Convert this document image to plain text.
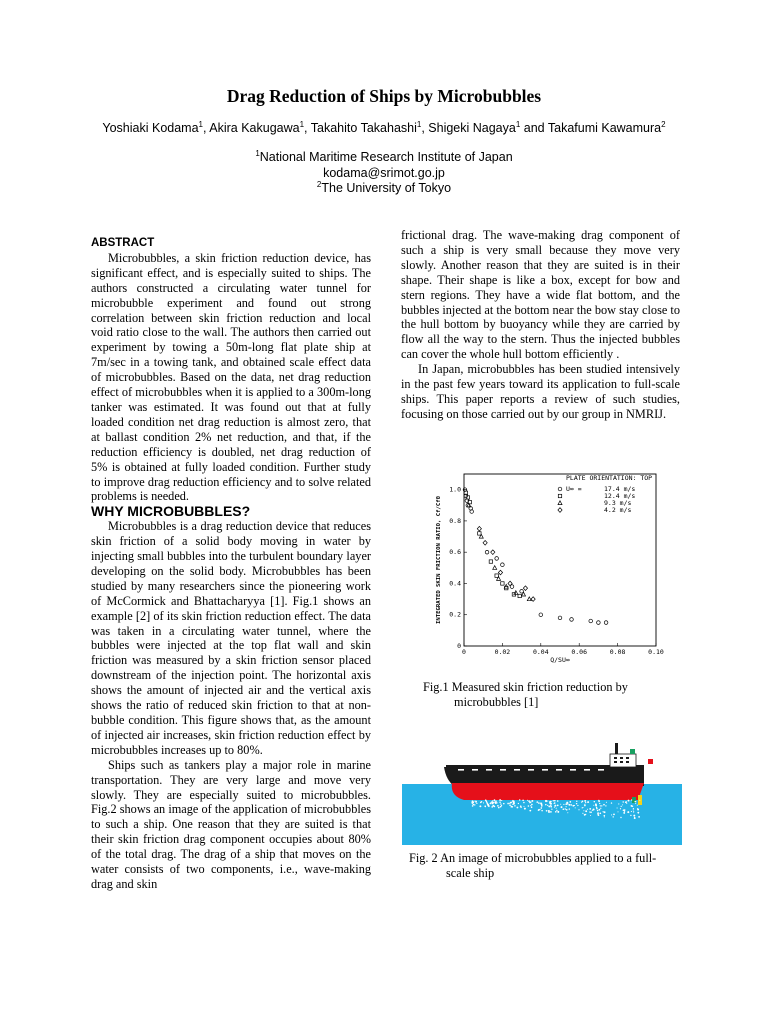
Drag Reduction of Ships by Microbubbles
Yoshiaki Kodama$^1$, Akira Kakugawa$^1$, Takahito Takahashi$^1$, Shigeki Nagaya$^1$ and Takafumi Kawamura$^2$
$^1$National Maritime Research Institute of Japan
kodama@srimot.go.jp
$^2$The University of Tokyo

ABSTRACT

Microbubbles, a skin friction reduction device, has significant effect, and is especially suited to ships. The authors constructed a circulating water tunnel for microbubble experiment and found out strong correlation between skin friction reduction and local void ratio close to the wall. The authors then carried out experiment by towing a 50m-long flat plate ship at 7m/sec in a towing tank, and obtained scale effect data of microbubbles. Based on the data, net drag reduction effect of microbubbles when it is applied to a 300m-long tanker was estimated. It was found out that at fully loaded condition net drag reduction is almost zero, that at ballast condition 2% net reduction, and that, if the reduction efficiency is doubled, net drag reduction of 5% is obtained at fully loaded condition. Further study to improve drag reduction efficiency and to solve related problems is needed.

WHY MICROBUBBLES?

Microbubbles is a drag reduction device that reduces skin friction of a solid body moving in water by injecting small bubbles into the turbulent boundary layer developing on the solid body. Microbubbles has been studied by many researchers since the pioneering work of McCormick and Bhattacharyya [1]. Fig.1 shows an example [2] of its skin friction reduction effect. The data was taken in a circulating water tunnel, where the bubbles were injected at the top flat wall and skin friction was measured by a skin friction sensor placed downstream of the injection point. The horizontal axis shows the amount of injected air and the vertical axis shows the ratio of reduced skin friction to that at non-bubble condition. This figure shows that, as the amount of injected air increases, skin friction reduction effect by microbubbles increases up to 80%.

Ships such as tankers play a major role in marine transportation. They are very large and move very slowly. They are especially suited to microbubbles. Fig.2 shows an image of the application of microbubbles to such a ship. One reason that they are suited is that their skin friction drag component occupies about 80% of the total drag. The drag of a ship that moves on the water consists of two components, i.e., wave-making drag and skin

frictional drag. The wave-making drag component of such a ship is very small because they move very slowly. Another reason that they are suited is in their shape. Their shape is like a box, except for bow and stern regions. They have a wide flat bottom, and the bubbles injected at the bottom near the bow stay close to the hull bottom by buoyancy while they are carried by flow all the way to the stern. Thus the injected bubbles can cover the whole hull bottom efficiently .

In Japan, microbubbles has been studied intensively in the past few years toward its application to full-scale ships. This paper reports a review of such studies, focusing on those carried out by our group in NMRIJ.

0	0.02	0.04	0.06	0.08	0.10
0
0.2
0.4
0.6
0.8
1.0
Q/SU∞
INTEGRATED SKIN FRICTION RATIO, Cf/Cf0
PLATE ORIENTATION: TOP
U∞ =	17.4 m/s
12.4 m/s
9.3 m/s
4.2 m/s
Fig.1 Measured skin friction reduction by
microbubbles [1]
Fig. 2 An image of microbubbles applied to a full-
scale ship
